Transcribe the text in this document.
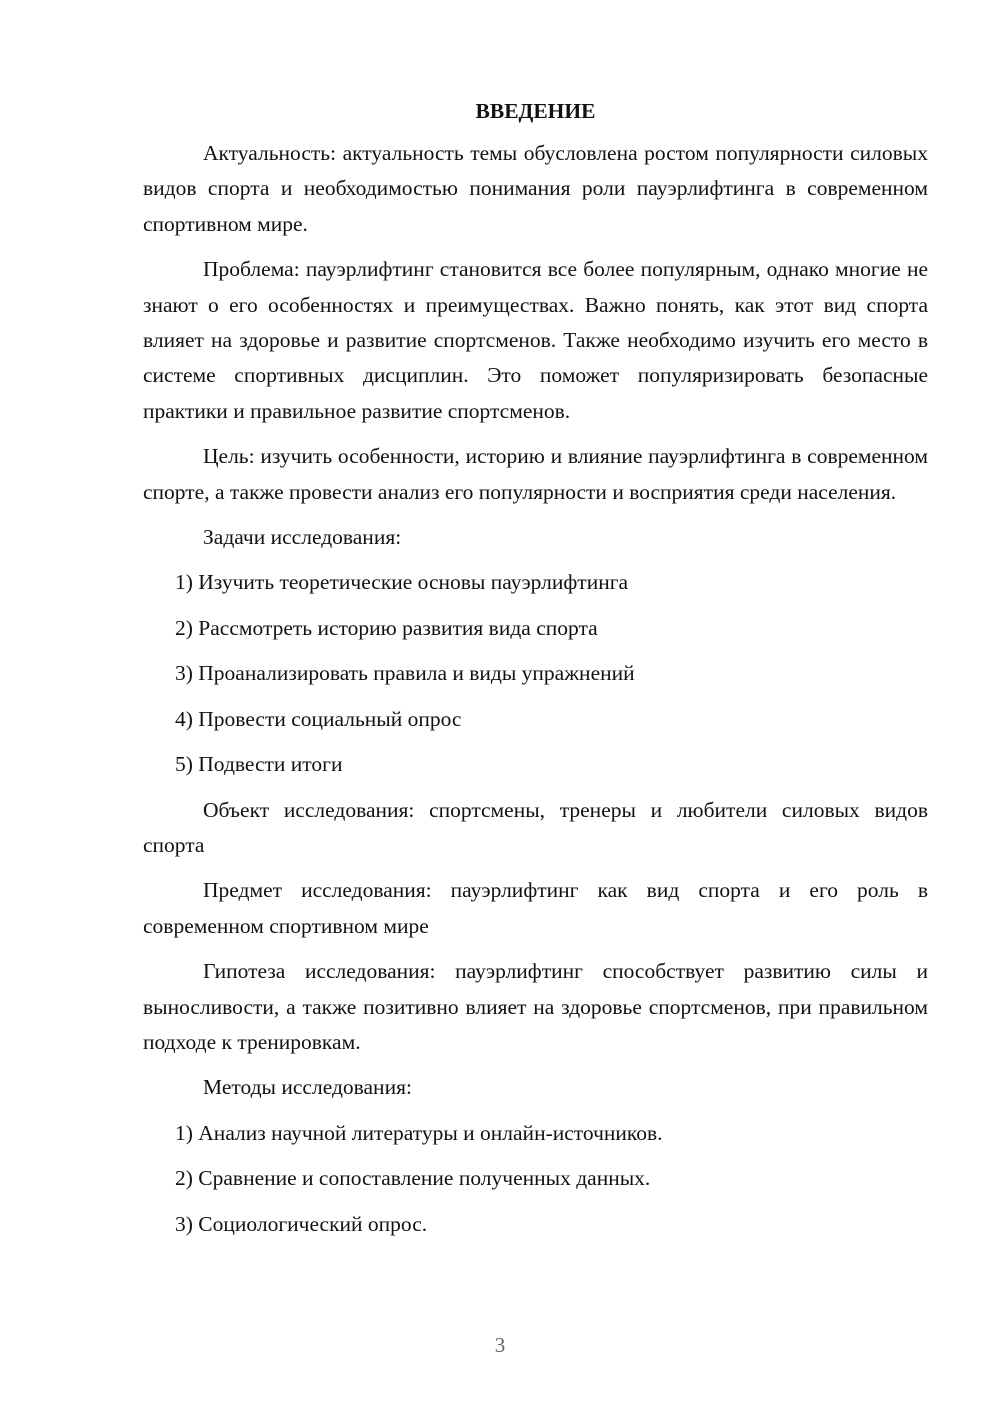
ВВЕДЕНИЕ

Актуальность: актуальность темы обусловлена ростом популярности силовых видов спорта и необходимостью понимания роли пауэрлифтинга в современном спортивном мире.

Проблема: пауэрлифтинг становится все более популярным, однако многие не знают о его особенностях и преимуществах. Важно понять, как этот вид спорта влияет на здоровье и развитие спортсменов. Также необходимо изучить его место в системе спортивных дисциплин. Это поможет популяризировать безопасные практики и правильное развитие спортсменов.

Цель: изучить особенности, историю и влияние пауэрлифтинга в современном спорте, а также провести анализ его популярности и восприятия среди населения.

Задачи исследования:

1) Изучить теоретические основы пауэрлифтинга
2) Рассмотреть историю развития вида спорта
3) Проанализировать правила и виды упражнений
4) Провести социальный опрос
5) Подвести итоги

Объект исследования: спортсмены, тренеры и любители силовых видов спорта

Предмет исследования: пауэрлифтинг как вид спорта и его роль в современном спортивном мире

Гипотеза исследования: пауэрлифтинг способствует развитию силы и выносливости, а также позитивно влияет на здоровье спортсменов, при правильном подходе к тренировкам.

Методы исследования:

1) Анализ научной литературы и онлайн-источников.
2) Сравнение и сопоставление полученных данных.
3) Социологический опрос.
3
